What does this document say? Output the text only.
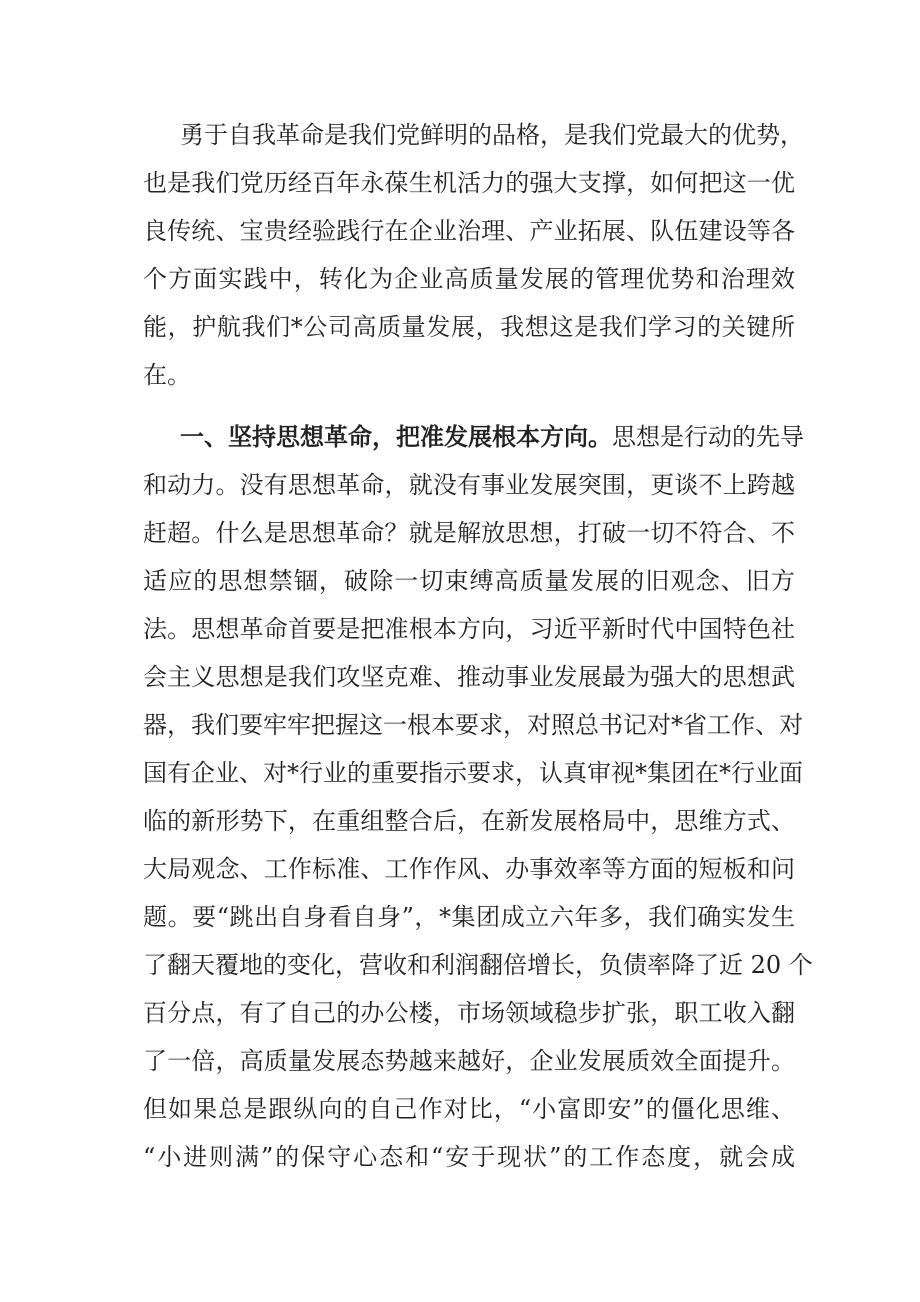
勇于自我革命是我们党鲜明的品格，是我们党最大的优势，
也是我们党历经百年永葆生机活力的强大支撑，如何把这一优
良传统、宝贵经验践行在企业治理、产业拓展、队伍建设等各
个方面实践中，转化为企业高质量发展的管理优势和治理效
能，护航我们*公司高质量发展，我想这是我们学习的关键所
在。
一、坚持思想革命，把准发展根本方向。思想是行动的先导
和动力。没有思想革命，就没有事业发展突围，更谈不上跨越
赶超。什么是思想革命？就是解放思想，打破一切不符合、不
适应的思想禁锢，破除一切束缚高质量发展的旧观念、旧方
法。思想革命首要是把准根本方向，习近平新时代中国特色社
会主义思想是我们攻坚克难、推动事业发展最为强大的思想武
器，我们要牢牢把握这一根本要求，对照总书记对*省工作、对
国有企业、对*行业的重要指示要求，认真审视*集团在*行业面
临的新形势下，在重组整合后，在新发展格局中，思维方式、
大局观念、工作标准、工作作风、办事效率等方面的短板和问
题。要“跳出自身看自身”，*集团成立六年多，我们确实发生
了翻天覆地的变化，营收和利润翻倍增长，负债率降了近 20 个
百分点，有了自己的办公楼，市场领域稳步扩张，职工收入翻
了一倍，高质量发展态势越来越好，企业发展质效全面提升。
但如果总是跟纵向的自己作对比，“小富即安”的僵化思维、
“小进则满”的保守心态和“安于现状”的工作态度，就会成
